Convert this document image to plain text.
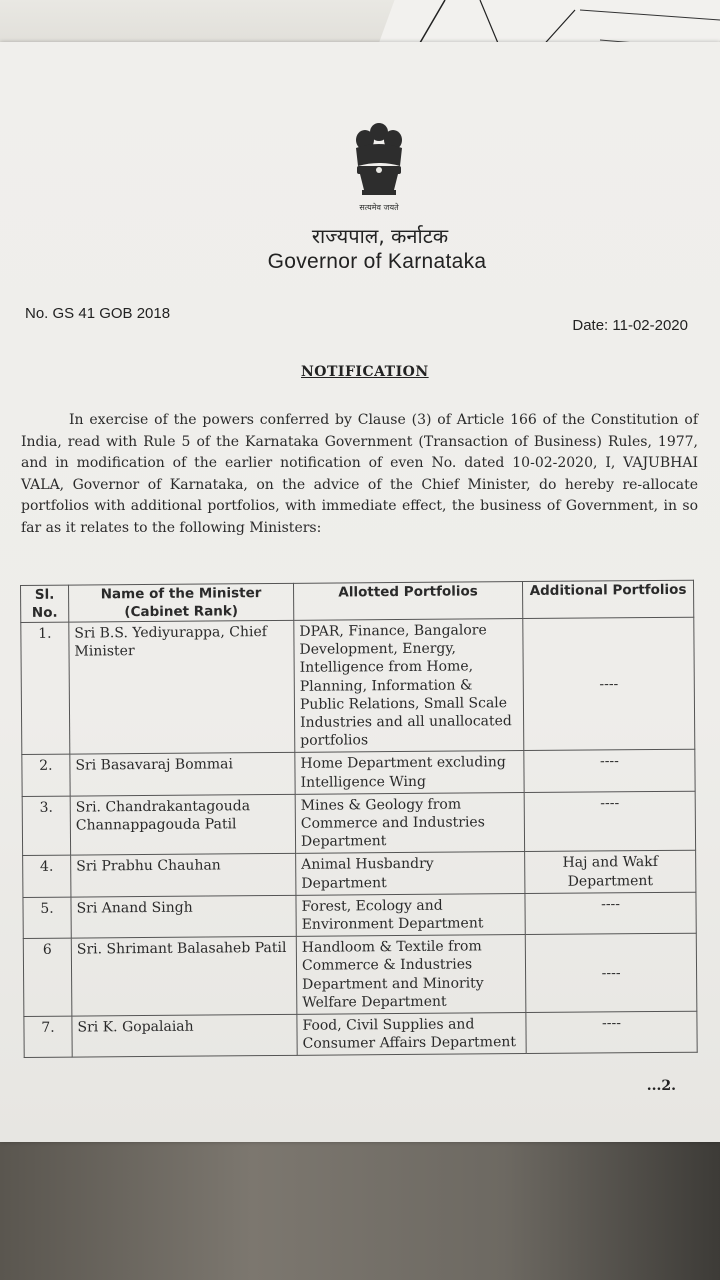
सत्यमेव जयते
राज्यपाल, कर्नाटक
Governor of Karnataka
No. GS 41 GOB 2018
Date: 11-02-2020
NOTIFICATION
In exercise of the powers conferred by Clause (3) of Article 166 of the Constitution of India, read with Rule 5 of the Karnataka Government (Transaction of Business) Rules, 1977, and in modification of the earlier notification of even No. dated 10-02-2020, I, VAJUBHAI VALA, Governor of Karnataka, on the advice of the Chief Minister, do hereby re-allocate portfolios with additional portfolios, with immediate effect, the business of Government, in so far as it relates to the following Ministers:
Sl. No.	Name of the Minister (Cabinet Rank)	Allotted Portfolios	Additional Portfolios
1.	Sri B.S. Yediyurappa, Chief Minister	DPAR, Finance, Bangalore Development, Energy, Intelligence from Home, Planning, Information & Public Relations, Small Scale Industries and all unallocated portfolios	----
2.	Sri Basavaraj Bommai	Home Department excluding Intelligence Wing	----
3.	Sri. Chandrakantagouda Channappagouda Patil	Mines & Geology from Commerce and Industries Department	----
4.	Sri Prabhu Chauhan	Animal Husbandry Department	Haj and Wakf Department
5.	Sri Anand Singh	Forest, Ecology and Environment Department	----
6	Sri. Shrimant Balasaheb Patil	Handloom & Textile from Commerce & Industries Department and Minority Welfare Department	----
7.	Sri K. Gopalaiah	Food, Civil Supplies and Consumer Affairs Department	----
...2.
